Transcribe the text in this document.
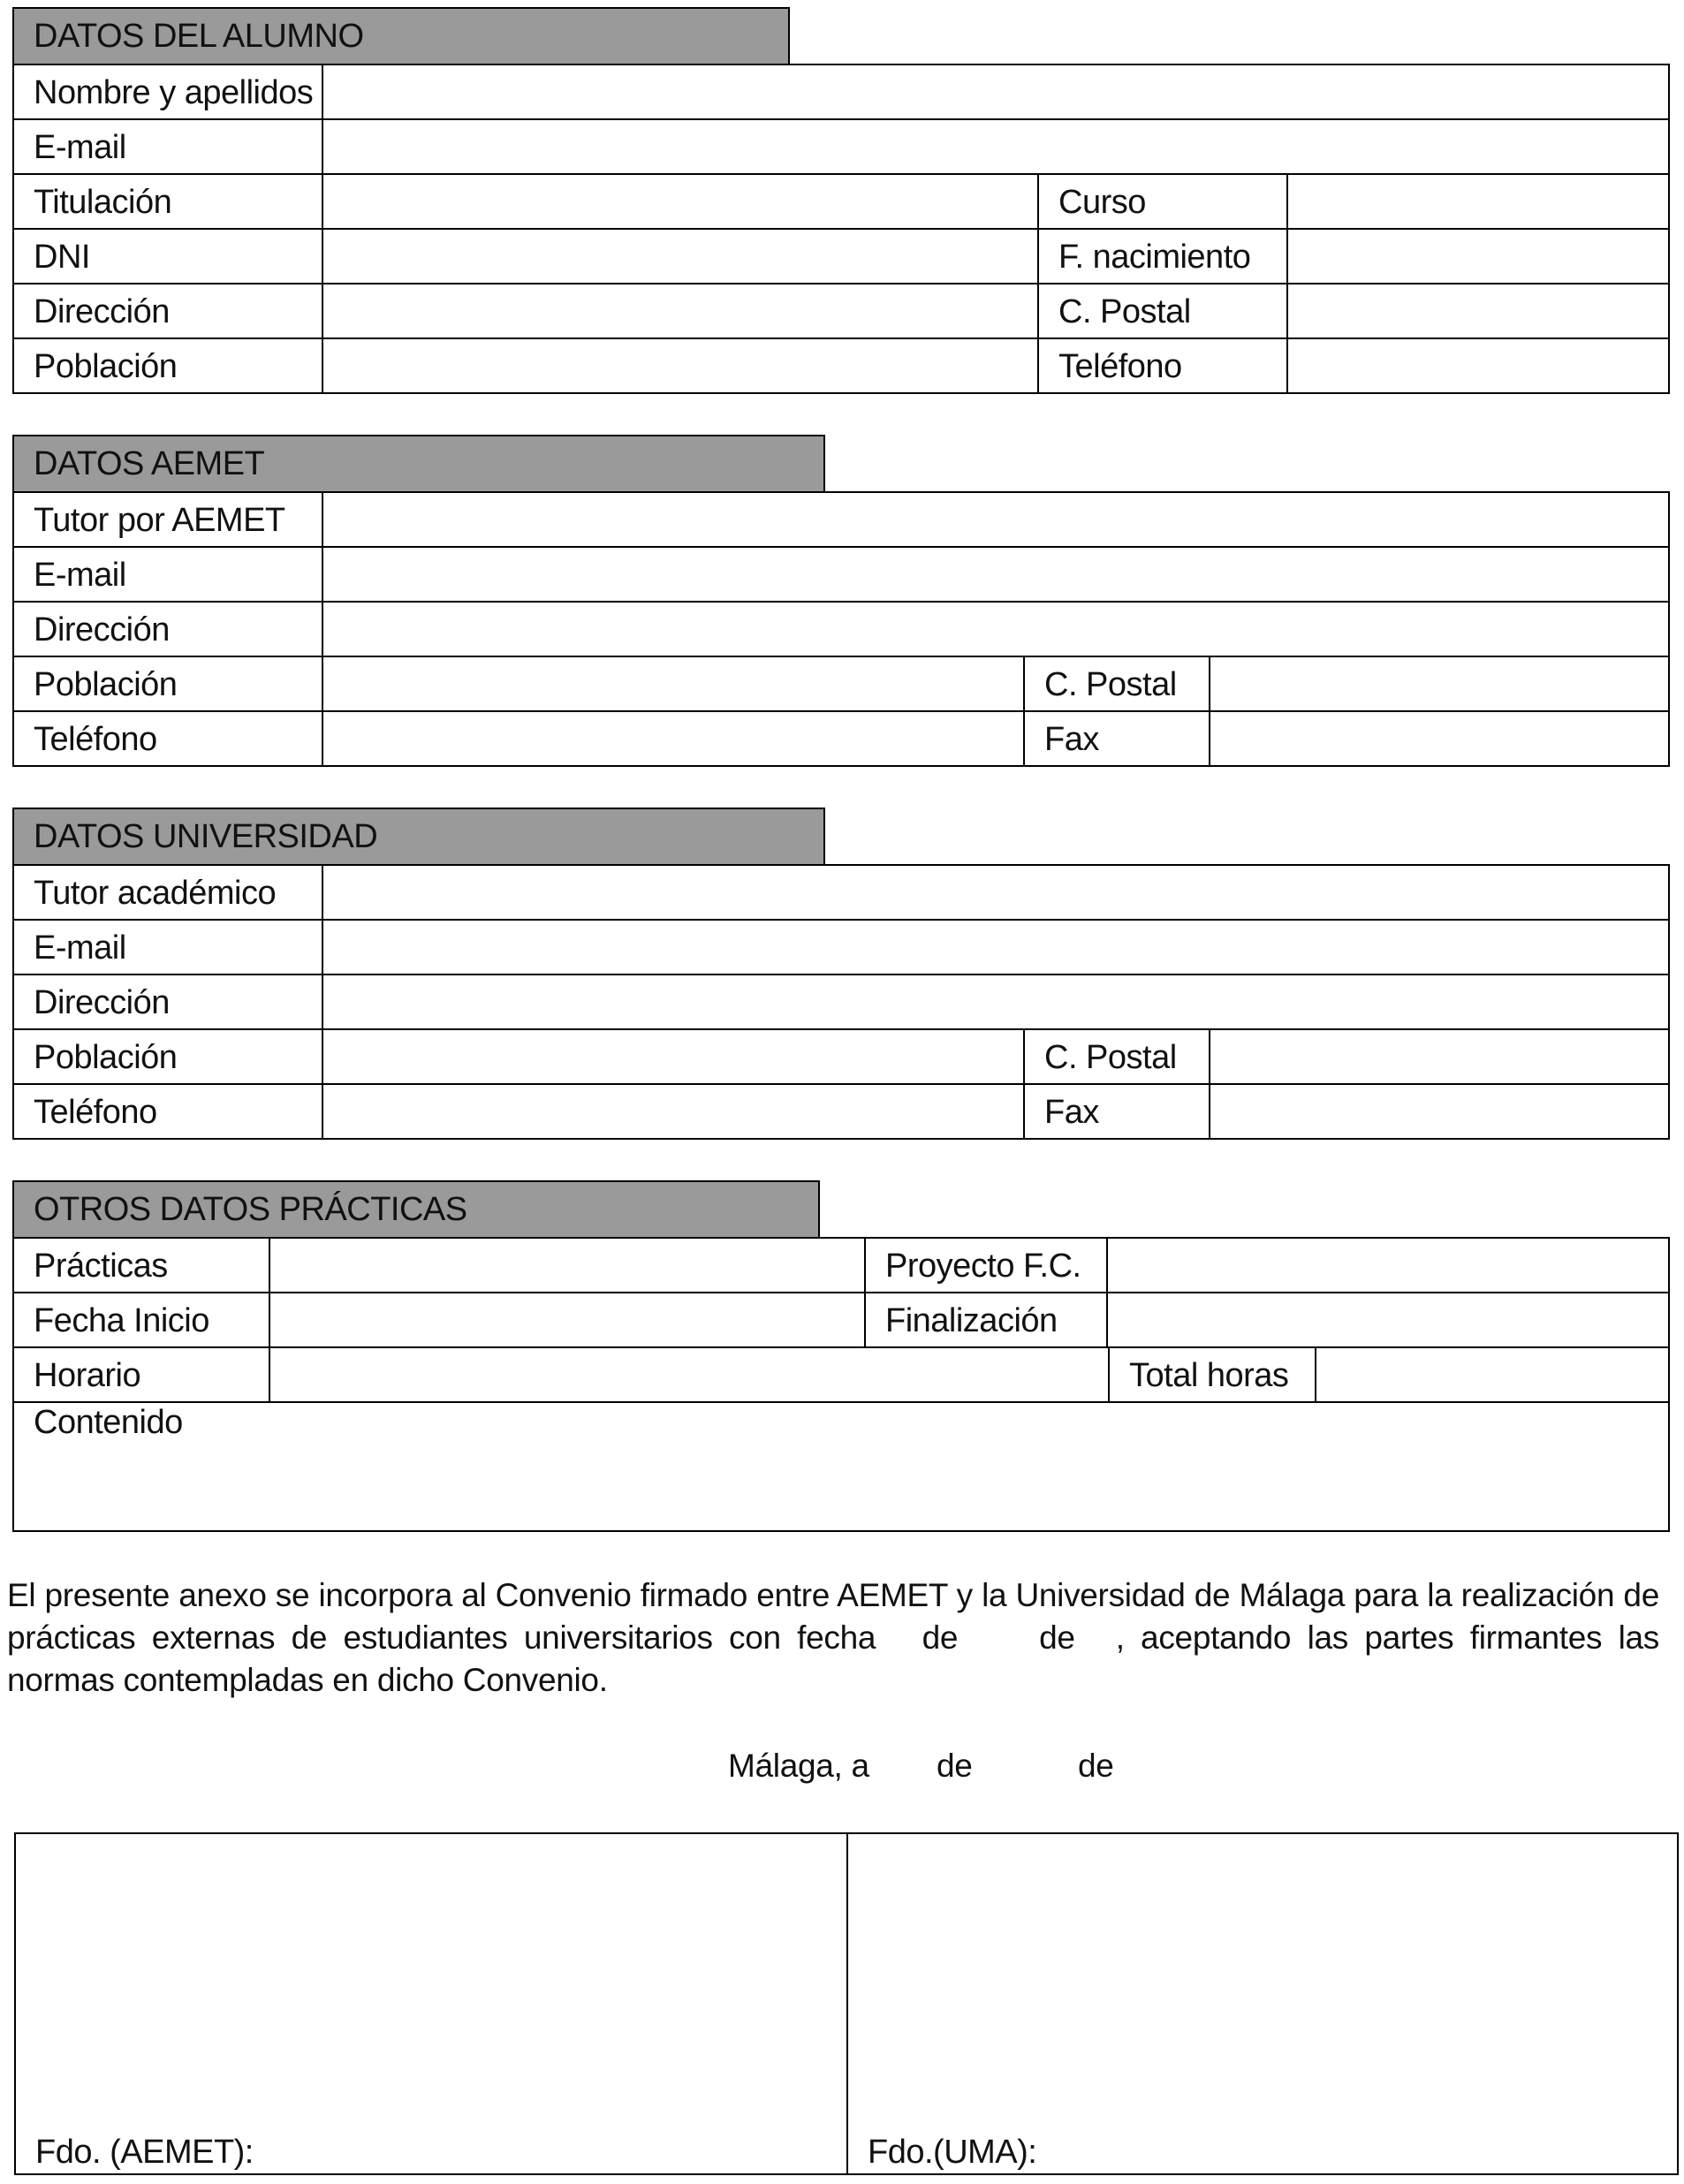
DATOS DEL ALUMNO
Nombre y apellidos
E-mail
Titulación	Curso
DNI	F. nacimiento
Dirección	C. Postal
Población	Teléfono
DATOS AEMET
Tutor por AEMET
E-mail
Dirección
Población	C. Postal
Teléfono	Fax
DATOS UNIVERSIDAD
Tutor académico
E-mail
Dirección
Población	C. Postal
Teléfono	Fax
OTROS DATOS PRÁCTICAS
Prácticas	Proyecto F.C.
Fecha Inicio	Finalización
Horario	Total horas
Contenido
El presente anexo se incorpora al Convenio firmado entre AEMET y la Universidad de Málaga para la realización de prácticas externas de estudiantes universitarios con fecha de de , aceptando las partes firmantes las normas contempladas en dicho Convenio.
Málaga, a de	de
Fdo. (AEMET):	Fdo.(UMA):
